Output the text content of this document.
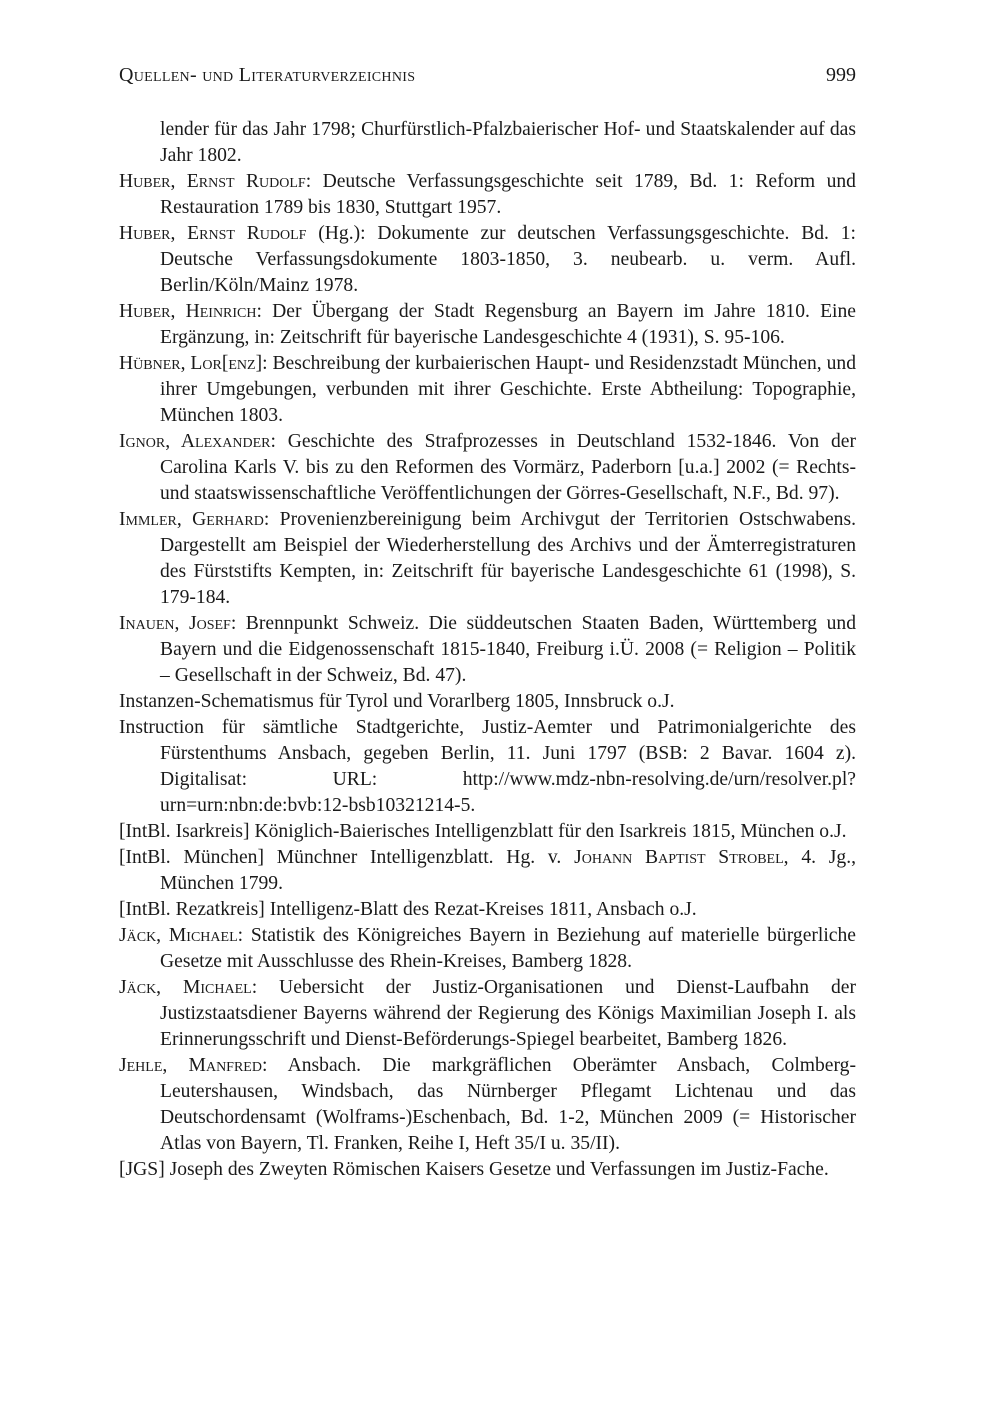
Quellen- und Literaturverzeichnis	999

lender für das Jahr 1798; Churfürstlich-Pfalzbaierischer Hof- und Staatskalender auf das Jahr 1802.

Huber, Ernst Rudolf: Deutsche Verfassungsgeschichte seit 1789, Bd. 1: Reform und Restauration 1789 bis 1830, Stuttgart 1957.

Huber, Ernst Rudolf (Hg.): Dokumente zur deutschen Verfassungsgeschichte. Bd. 1: Deutsche Verfassungsdokumente 1803-1850, 3. neubearb. u. verm. Aufl. Berlin/Köln/Mainz 1978.

Huber, Heinrich: Der Übergang der Stadt Regensburg an Bayern im Jahre 1810. Eine Ergänzung, in: Zeitschrift für bayerische Landesgeschichte 4 (1931), S. 95-106.

Hübner, Lor[enz]: Beschreibung der kurbaierischen Haupt- und Residenzstadt München, und ihrer Umgebungen, verbunden mit ihrer Geschichte. Erste Abtheilung: Topographie, München 1803.

Ignor, Alexander: Geschichte des Strafprozesses in Deutschland 1532-1846. Von der Carolina Karls V. bis zu den Reformen des Vormärz, Paderborn [u.a.] 2002 (= Rechts- und staatswissenschaftliche Veröffentlichungen der Görres-Gesellschaft, N.F., Bd. 97).

Immler, Gerhard: Provenienzbereinigung beim Archivgut der Territorien Ostschwabens. Dargestellt am Beispiel der Wiederherstellung des Archivs und der Ämterregistraturen des Fürststifts Kempten, in: Zeitschrift für bayerische Landesgeschichte 61 (1998), S. 179-184.

Inauen, Josef: Brennpunkt Schweiz. Die süddeutschen Staaten Baden, Württemberg und Bayern und die Eidgenossenschaft 1815-1840, Freiburg i.Ü. 2008 (= Religion – Politik – Gesellschaft in der Schweiz, Bd. 47).

Instanzen-Schematismus für Tyrol und Vorarlberg 1805, Innsbruck o.J.

Instruction für sämtliche Stadtgerichte, Justiz-Aemter und Patrimonialgerichte des Fürstenthums Ansbach, gegeben Berlin, 11. Juni 1797 (BSB: 2 Bavar. 1604 z). Digitalisat: URL: http://www.mdz-nbn-resolving.de/urn/resolver.pl?urn=urn:nbn:de:bvb:12-bsb10321214-5.

[IntBl. Isarkreis] Königlich-Baierisches Intelligenzblatt für den Isarkreis 1815, München o.J.

[IntBl. München] Münchner Intelligenzblatt. Hg. v. Johann Baptist Strobel, 4. Jg., München 1799.

[IntBl. Rezatkreis] Intelligenz-Blatt des Rezat-Kreises 1811, Ansbach o.J.

Jäck, Michael: Statistik des Königreiches Bayern in Beziehung auf materielle bürgerliche Gesetze mit Ausschlusse des Rhein-Kreises, Bamberg 1828.

Jäck, Michael: Uebersicht der Justiz-Organisationen und Dienst-Laufbahn der Justizstaatsdiener Bayerns während der Regierung des Königs Maximilian Joseph I. als Erinnerungsschrift und Dienst-Beförderungs-Spiegel bearbeitet, Bamberg 1826.

Jehle, Manfred: Ansbach. Die markgräflichen Oberämter Ansbach, Colmberg-Leutershausen, Windsbach, das Nürnberger Pflegamt Lichtenau und das Deutschordensamt (Wolframs-)Eschenbach, Bd. 1-2, München 2009 (= Historischer Atlas von Bayern, Tl. Franken, Reihe I, Heft 35/I u. 35/II).

[JGS] Joseph des Zweyten Römischen Kaisers Gesetze und Verfassungen im Justiz-Fache.
